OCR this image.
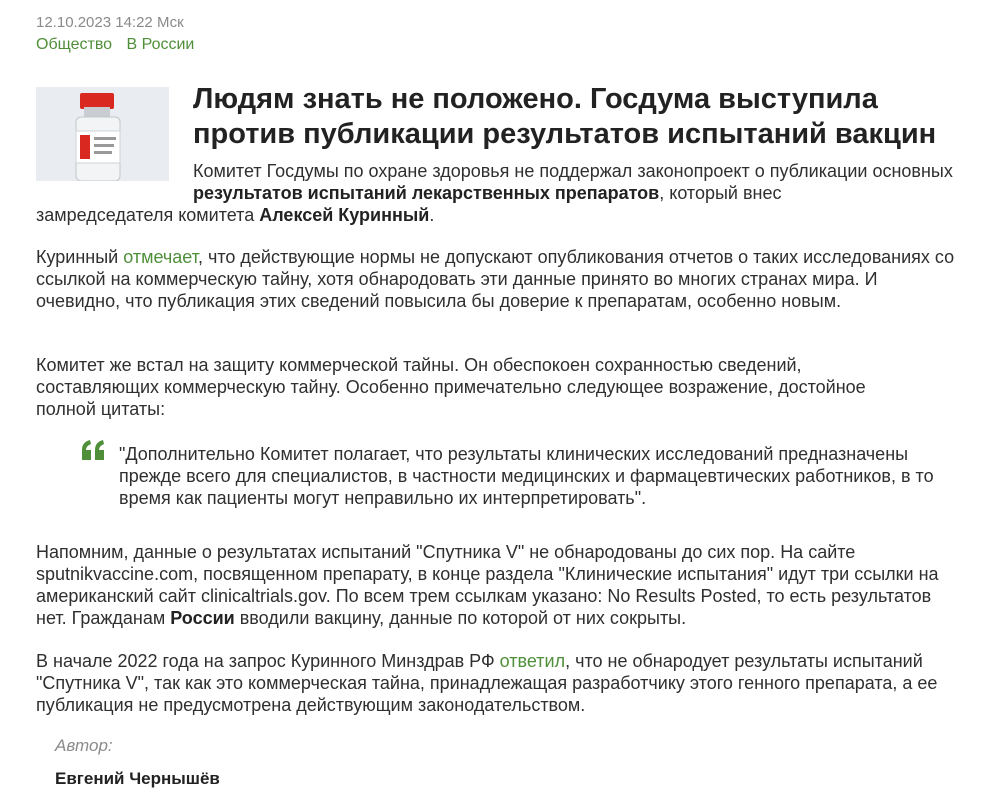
12.10.2023 14:22 Мск
Общество В России
Людям знать не положено. Госдума выступила против публикации результатов испытаний вакцин
Комитет Госдумы по охране здоровья не поддержал законопроект о публикации основных результатов испытаний лекарственных препаратов, который внес
замредседателя комитета Алексей Куринный.
Куринный отмечает, что действующие нормы не допускают опубликования отчетов о таких исследованиях со ссылкой на коммерческую тайну, хотя обнародовать эти данные принято во многих странах мира. И очевидно, что публикация этих сведений повысила бы доверие к препаратам, особенно новым.
Комитет же встал на защиту коммерческой тайны. Он обеспокоен сохранностью сведений, составляющих коммерческую тайну. Особенно примечательно следующее возражение, достойное полной цитаты:
"Дополнительно Комитет полагает, что результаты клинических исследований предназначены прежде всего для специалистов, в частности медицинских и фармацевтических работников, в то время как пациенты могут неправильно их интерпретировать".
Напомним, данные о результатах испытаний "Спутника V" не обнародованы до сих пор. На сайте sputnikvaccine.com, посвященном препарату, в конце раздела "Клинические испытания" идут три ссылки на американский сайт clinicaltrials.gov. По всем трем ссылкам указано: No Results Posted, то есть результатов нет. Гражданам России вводили вакцину, данные по которой от них сокрыты.
В начале 2022 года на запрос Куринного Минздрав РФ ответил, что не обнародует результаты испытаний "Спутника V", так как это коммерческая тайна, принадлежащая разработчику этого генного препарата, а ее публикация не предусмотрена действующим законодательством.
Автор:
Евгений Чернышёв
